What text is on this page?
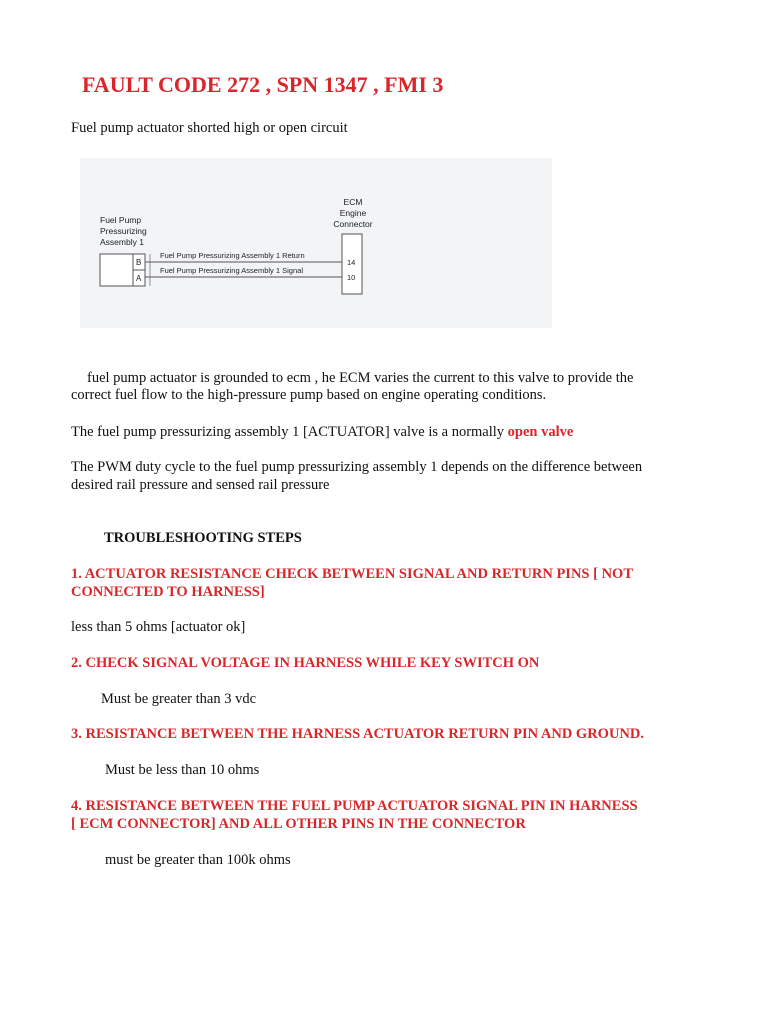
FAULT CODE 272 , SPN 1347 , FMI 3
Fuel pump actuator shorted high or open circuit
Fuel Pump
Pressurizing
Assembly 1
B
A
Fuel Pump Pressurizing Assembly 1 Return
Fuel Pump Pressurizing Assembly 1 Signal
ECM
Engine
Connector
14
10
fuel pump actuator is grounded to ecm , he ECM varies the current to this valve to provide the
correct fuel flow to the high-pressure pump based on engine operating conditions.
The fuel pump pressurizing assembly 1 [ACTUATOR] valve is a normally open valve
The PWM duty cycle to the fuel pump pressurizing assembly 1 depends on the difference between
desired rail pressure and sensed rail pressure
TROUBLESHOOTING STEPS
1. ACTUATOR RESISTANCE CHECK BETWEEN SIGNAL AND RETURN PINS [ NOT
CONNECTED TO HARNESS]
less than 5 ohms [actuator ok]
2. CHECK SIGNAL VOLTAGE IN HARNESS WHILE KEY SWITCH ON
Must be greater than 3 vdc
3. RESISTANCE BETWEEN THE HARNESS ACTUATOR RETURN PIN AND GROUND.
Must be less than 10 ohms
4. RESISTANCE BETWEEN THE FUEL PUMP ACTUATOR SIGNAL PIN IN HARNESS
[ ECM CONNECTOR] AND ALL OTHER PINS IN THE CONNECTOR
must be greater than 100k ohms
